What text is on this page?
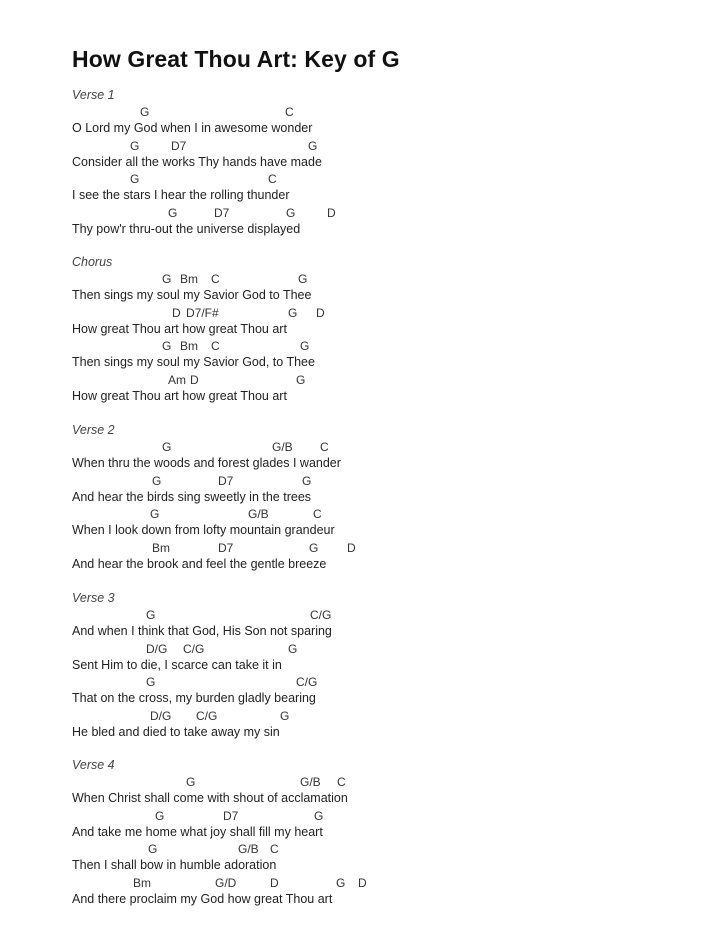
How Great Thou Art: Key of G
Verse 1
G	C
O Lord my God when I in awesome wonder
G	D7	G
Consider all the works Thy hands have made
G	C
I see the stars I hear the rolling thunder
G	D7	G	D
Thy pow'r thru-out the universe displayed
Chorus
G Bm C	G
Then sings my soul my Savior God to Thee
D D7/F#	G D
How great Thou art how great Thou art
G Bm C	G
Then sings my soul my Savior God, to Thee
Am D	G
How great Thou art how great Thou art
Verse 2
G	G/B C
When thru the woods and forest glades I wander
G	D7	G
And hear the birds sing sweetly in the trees
G	G/B	C
When I look down from lofty mountain grandeur
Bm	D7	G D
And hear the brook and feel the gentle breeze
Verse 3
G	C/G
And when I think that God, His Son not sparing
D/G C/G	G
Sent Him to die, I scarce can take it in
G	C/G
That on the cross, my burden gladly bearing
D/G C/G	G
He bled and died to take away my sin
Verse 4
G	G/B C
When Christ shall come with shout of acclamation
G	D7	G
And take me home what joy shall fill my heart
G	G/B C
Then I shall bow in humble adoration
Bm	G/D	D	G D
And there proclaim my God how great Thou art
